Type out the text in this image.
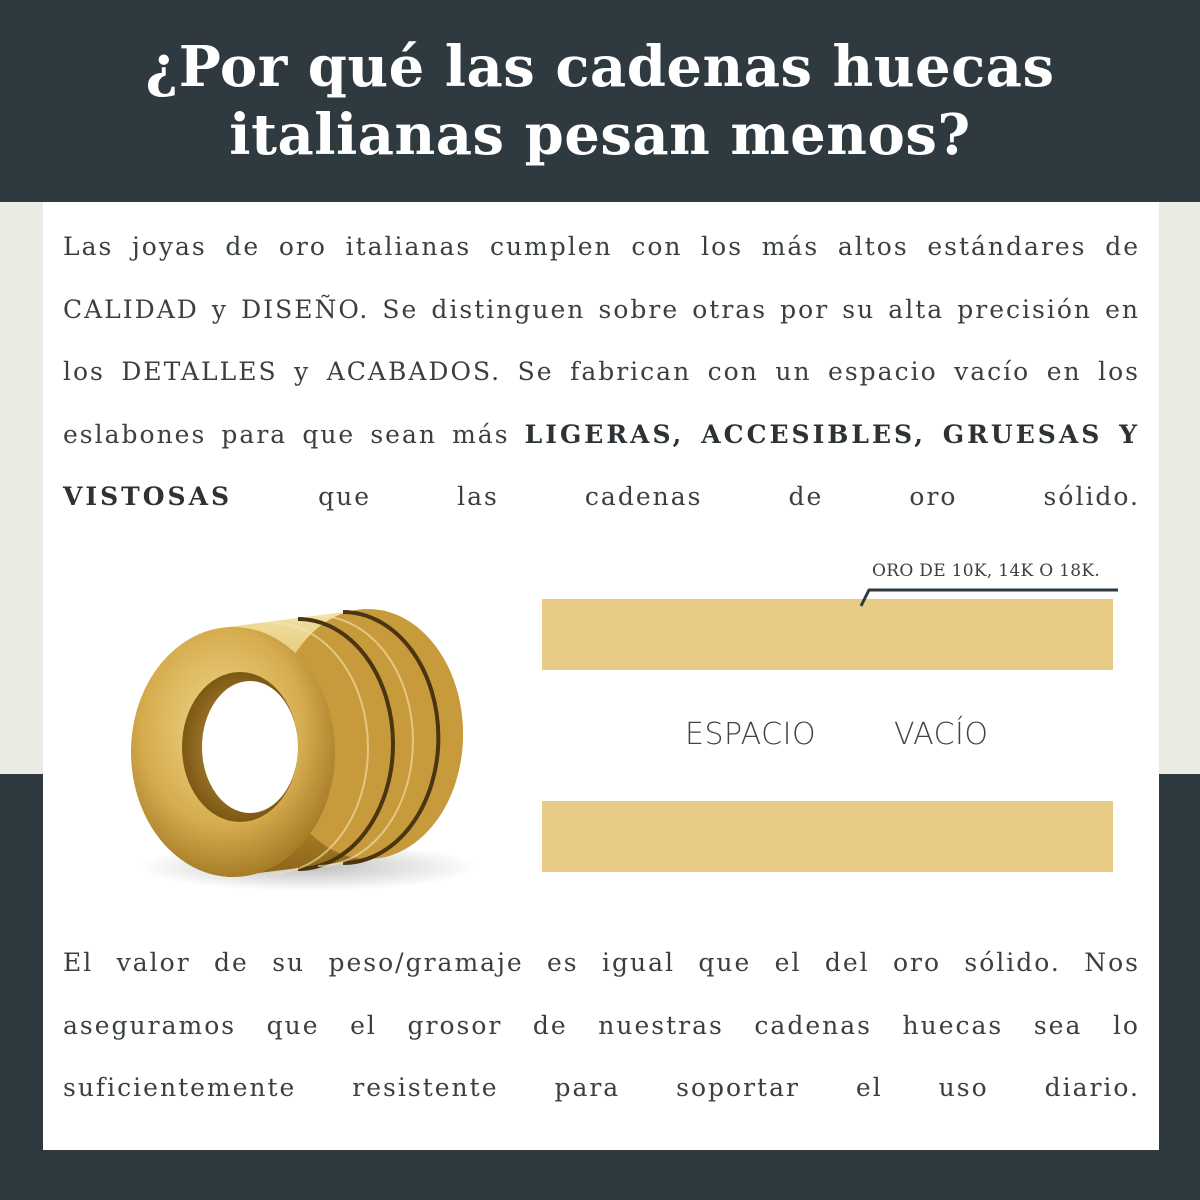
¿Por qué las cadenas huecas italianas pesan menos?

Las joyas de oro italianas cumplen con los más altos estándares de CALIDAD y DISEÑO. Se distinguen sobre otras por su alta precisión en los DETALLES y ACABADOS. Se fabrican con un espacio vacío en los eslabones para que sean más LIGERAS, ACCESIBLES, GRUESAS Y VISTOSAS que las cadenas de oro sólido.

ORO DE 10K, 14K O 18K.
ESPACIO	VACÍO

El valor de su peso/gramaje es igual que el del oro sólido. Nos aseguramos que el grosor de nuestras cadenas huecas sea lo suficientemente resistente para soportar el uso diario.
